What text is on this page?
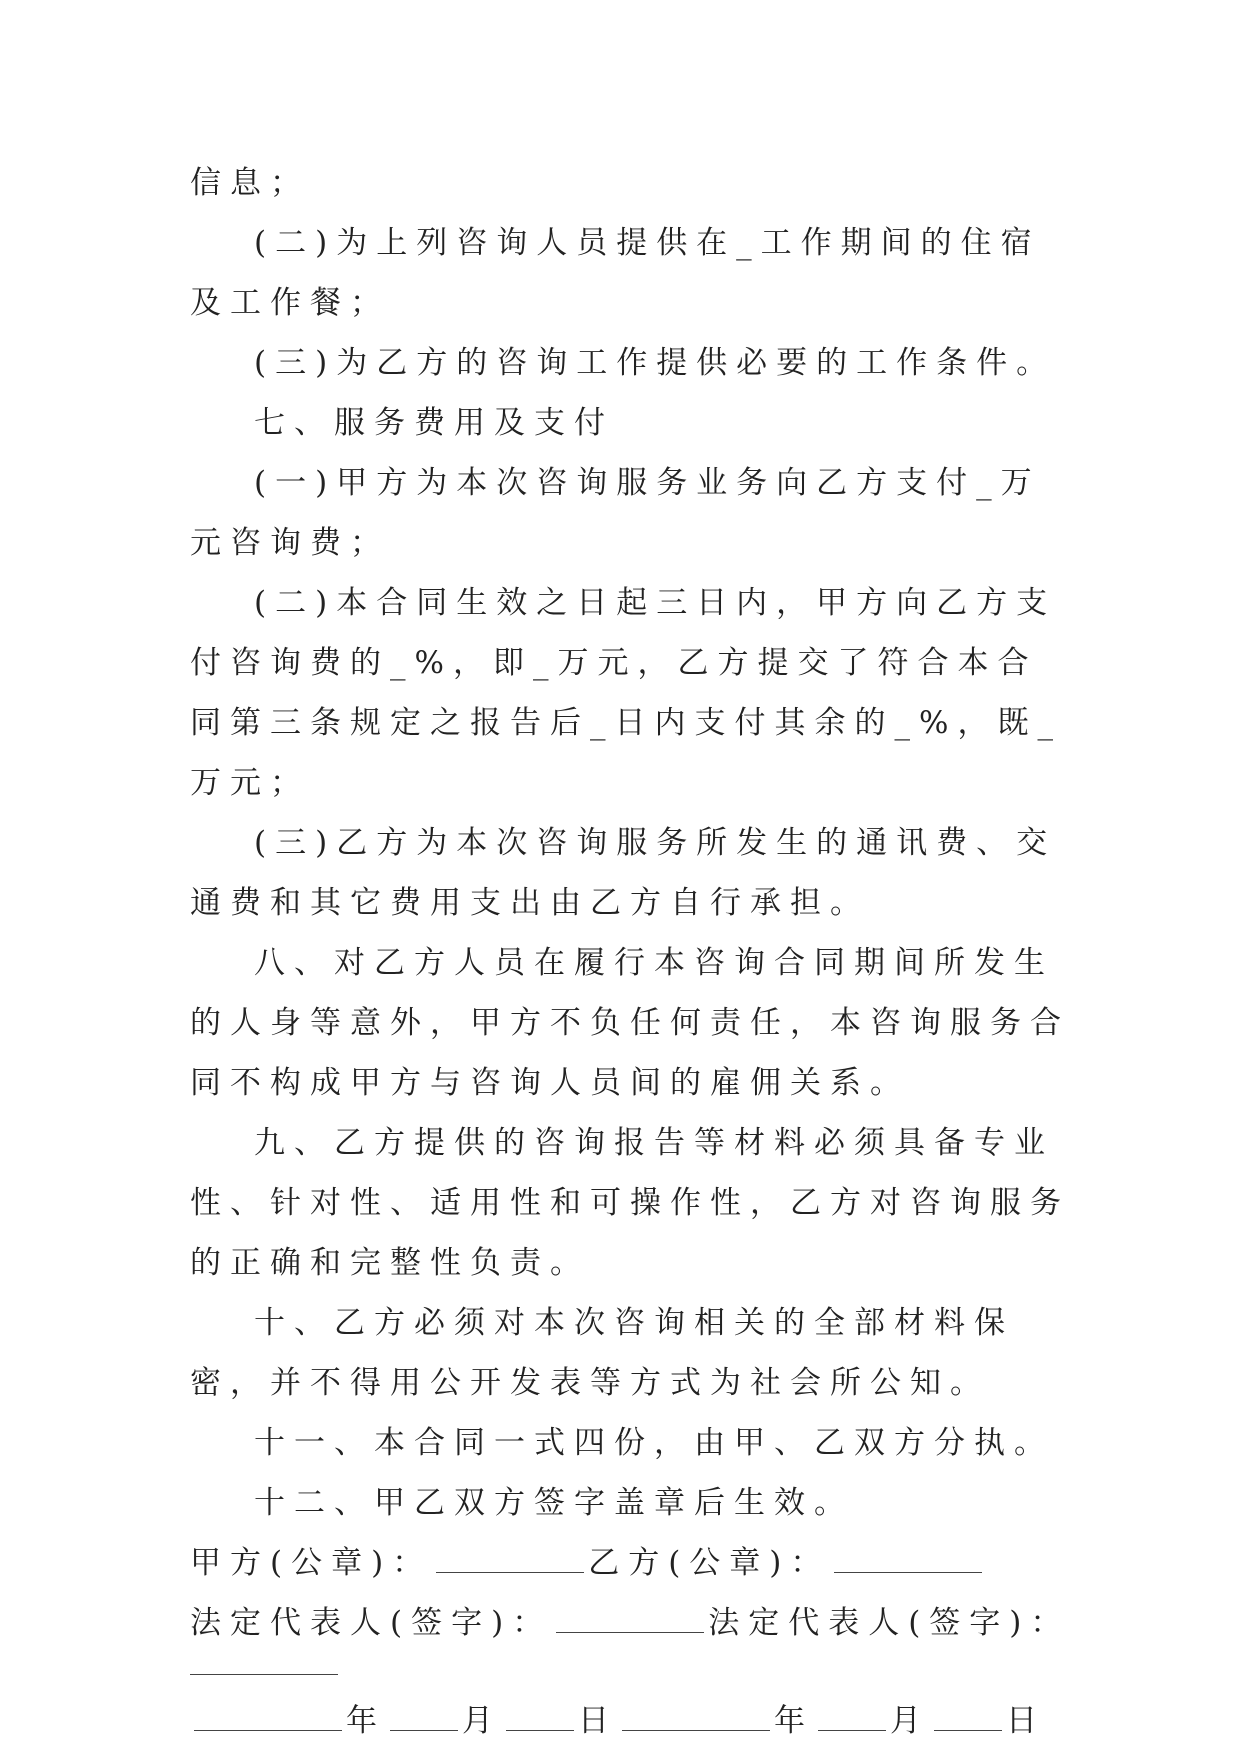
信息；

(二)为上列咨询人员提供在_工作期间的住宿及工作餐；

(三)为乙方的咨询工作提供必要的工作条件。

七、服务费用及支付

(一)甲方为本次咨询服务业务向乙方支付_万元咨询费；

(二)本合同生效之日起三日内，甲方向乙方支付咨询费的_%，即_万元，乙方提交了符合本合同第三条规定之报告后_日内支付其余的_%，既_万元；

(三)乙方为本次咨询服务所发生的通讯费、交通费和其它费用支出由乙方自行承担。

八、对乙方人员在履行本咨询合同期间所发生的人身等意外，甲方不负任何责任，本咨询服务合同不构成甲方与咨询人员间的雇佣关系。

九、乙方提供的咨询报告等材料必须具备专业性、针对性、适用性和可操作性，乙方对咨询服务的正确和完整性负责。

十、乙方必须对本次咨询相关的全部材料保密，并不得用公开发表等方式为社会所公知。

十一、本合同一式四份，由甲、乙双方分执。

十二、甲乙双方签字盖章后生效。

甲方(公章)：	乙方(公章)：

法定代表人(签字)：	法定代表人(签字)：

年 月 日	年 月 日
